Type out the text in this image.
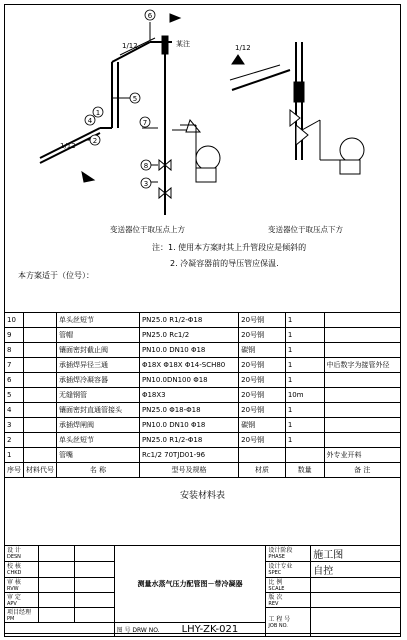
6
5
2
7
8
3
4
1
1/12
1/12
1/12
某注
变送器位于取压点上方	变送器位于取压点下方
注：1. 使用本方案时其上升管段应是倾斜的
2. 冷凝容器前的导压管应保温.
本方案适于（位号）：
10		单头丝短节	PN25.0 R1/2-Φ18	20号钢	1	
9		管帽	PN25.0 Rc1/2	20号钢	1	
8		镶面密封截止阀	PN10.0 DN10 Φ18	碳钢	1	
7		承插焊异径三通	Φ18X Φ18X Φ14-SCH80	20号钢	1	中后数字为接管外径
6		承插焊冷凝容器	PN10.0DN100 Φ18	20号钢	1	
5		无缝钢管	Φ18X3	20号钢	10m	
4		镶面密封直通管接头	PN25.0 Φ18-Φ18	20号钢	1	
3		承插焊闸阀	PN10.0 DN10 Φ18	碳钢	1	
2		单头丝短节	PN25.0 R1/2-Φ18	20号钢	1	
1		管嘴	Rc1/2 70TJD01-96			外专业开料
序号	材料代号	名 称	型号及规格	材质	数量	备 注
安装材料表
设 计
DESN			测量水蒸气压力配管图－带冷凝器	设计阶段
PHASE	施工图

校 核
CHKD				设计专业
SPEC	自控

审 核
RVW				比 例
SCALE	

审 定
APV				版 次
REV	

项目经理
PM				工 程 号
JOB NO.	

			图 号 DRW NO. LHY-ZK-021		
